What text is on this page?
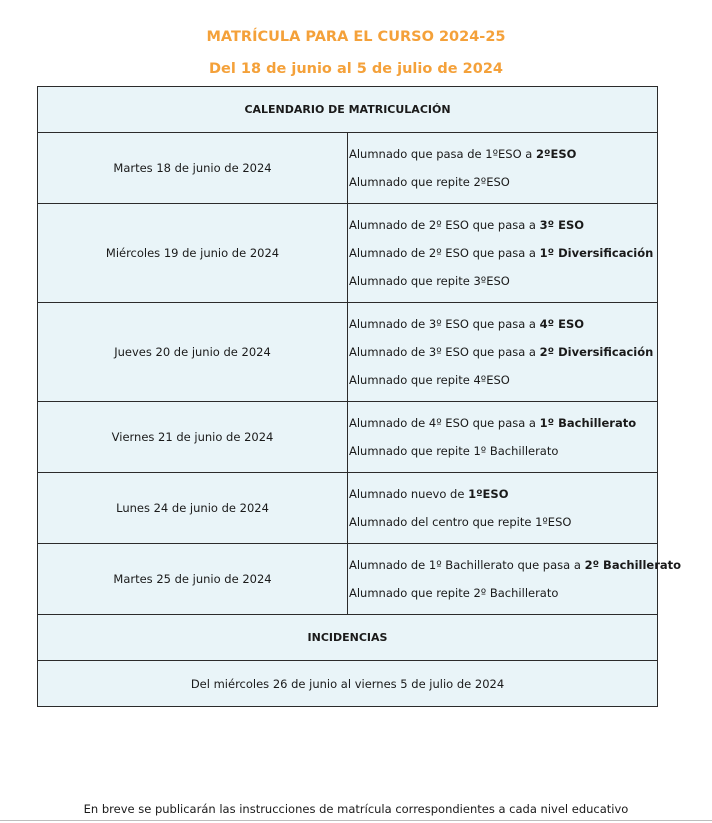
MATRÍCULA PARA EL CURSO 2024-25
Del 18 de junio al 5 de julio de 2024
CALENDARIO DE MATRICULACIÓN	
Martes 18 de junio de 2024	Alumnado que pasa de 1ºESO a 2ºESO
Alumnado que repite 2ºESO

Miércoles 19 de junio de 2024	Alumnado de 2º ESO que pasa a 3º ESO
Alumnado de 2º ESO que pasa a 1º Diversificación
Alumnado que repite 3ºESO

Jueves 20 de junio de 2024	Alumnado de 3º ESO que pasa a 4º ESO
Alumnado de 3º ESO que pasa a 2º Diversificación
Alumnado que repite 4ºESO

Viernes 21 de junio de 2024	Alumnado de 4º ESO que pasa a 1º Bachillerato
Alumnado que repite 1º Bachillerato

Lunes 24 de junio de 2024	Alumnado nuevo de 1ºESO
Alumnado del centro que repite 1ºESO

Martes 25 de junio de 2024	Alumnado de 1º Bachillerato que pasa a 2º Bachillerato
Alumnado que repite 2º Bachillerato

INCIDENCIAS	
Del miércoles 26 de junio al viernes 5 de julio de 2024	
En breve se publicarán las instrucciones de matrícula correspondientes a cada nivel educativo
